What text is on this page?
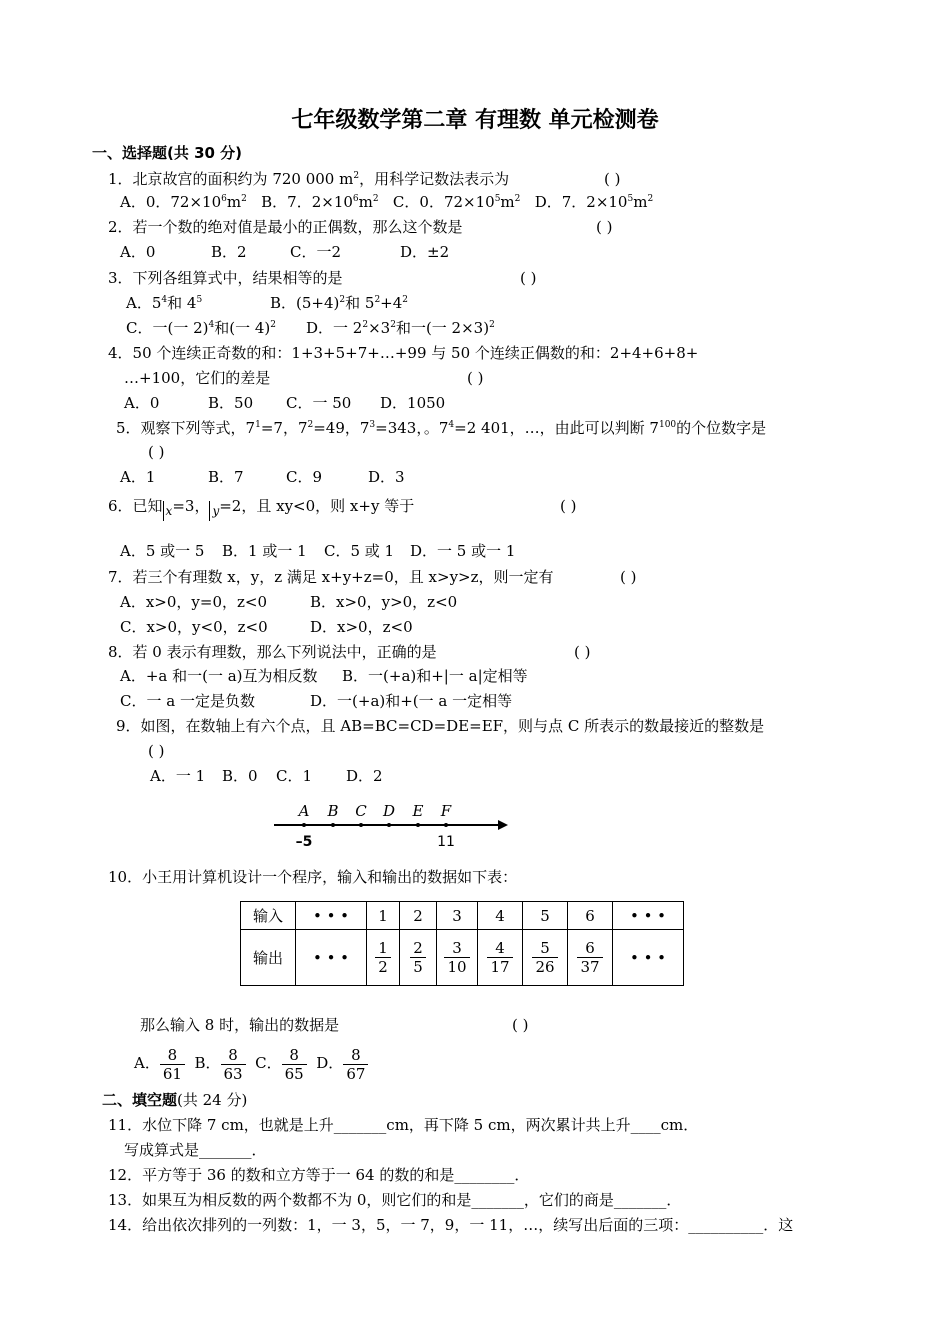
七年级数学第二章 有理数 单元检测卷
一、选择题(共 30 分)
1．北京故宫的面积约为 720 000 $m^2$，用科学记数法表示为	( )
A．0．$72\times 10^6m^2$ B．7．$2\times 10^6m^2$ C．0．$72\times 10^5m^2$ D．7．$2\times 10^5m^2$
2．若一个数的绝对值是最小的正偶数，那么这个数是	( )
A．0	B．2	C．一2	D．±2
3．下列各组算式中，结果相等的是	( )
A．$5^4$和 $4^5$	B．$(5+4)^2$和 $5^2+4^2$
C．一(一 2)$^4$和(一 4)$^2$ D．一 $2^2\times 3^2$和一(一 2×3)$^2$
4．50 个连续正奇数的和：1+3+5+7+…+99 与 50 个连续正偶数的和：2+4+6+8+
…+100，它们的差是	( )
A．0	B．50 C．一 50 D．1050
5．观察下列等式，$7^1=7$，$7^2=49$，$7^3=343$，。$7^4=2$ 401，…，由此可以判断 $7^{100}$的个位数字是
( )
A．1	B．7	C．9	D．3
6．已知 x=3， y=2，且 xy<0，则 x+y 等于	( )
A．5 或一 5 B．1 或一 1 C．5 或 1 D．一 5 或一 1
7．若三个有理数 x，y，z 满足 x+y+z=0，且 x>y>z，则一定有	( )
A．x>0，y=0，z<0	B．x>0，y>0，z<0
C．x>0，y<0，z<0	D．x>0，z<0
8．若 0 表示有理数，那么下列说法中，正确的是	( )
A．+a 和一(一 a)互为相反数 B．一(+a)和+|一 a|定相等
C．一 a 一定是负数	D．一(+a)和+(一 a 一定相等
9．如图，在数轴上有六个点，且 AB=BC=CD=DE=EF，则与点 C 所表示的数最接近的整数是
( )
A．一 1 B．0 C．1 D．2
A B C D E F
–5	11
10．小王用计算机设计一个程序，输入和输出的数据如下表：
输入	• • •	1	2	3	4	5	6	• • •
输出	• • •	$\frac{1}{2}$	$\frac{2}{5}$	$\frac{3}{10}$	$\frac{4}{17}$	$\frac{5}{26}$	$\frac{6}{37}$	• • •
那么输入 8 时，输出的数据是	( )
A． $\frac{8}{61}$ B． $\frac{8}{63}$ C． $\frac{8}{65}$ D． $\frac{8}{67}$
二、填空题(共 24 分)
11．水位下降 7 cm，也就是上升_______cm，再下降 5 cm，两次累计共上升____cm．
写成算式是_______．
12．平方等于 36 的数和立方等于一 64 的数的和是________．
13．如果互为相反数的两个数都不为 0，则它们的和是_______，它们的商是_______．
14．给出依次排列的一列数：1，一 3，5，一 7，9，一 11，…，续写出后面的三项：__________．这
